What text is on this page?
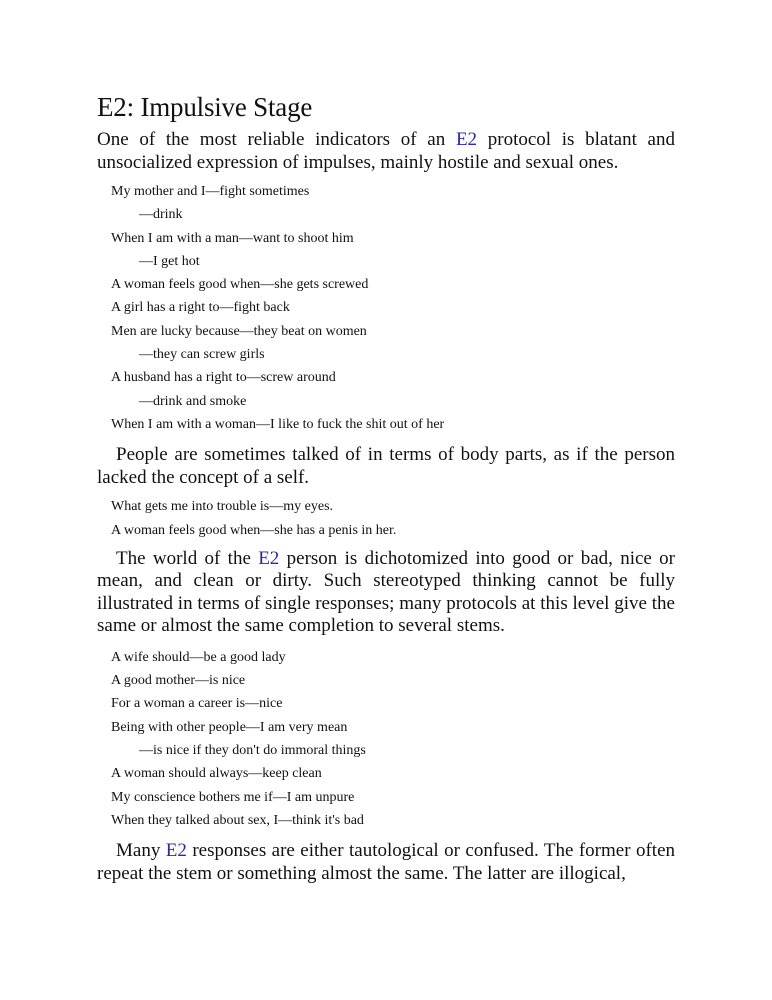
E2: Impulsive Stage

One of the most reliable indicators of an E2 protocol is blatant and unsocialized expression of impulses, mainly hostile and sexual ones.

My mother and I—fight sometimes
—drink
When I am with a man—want to shoot him
—I get hot
A woman feels good when—she gets screwed
A girl has a right to—fight back
Men are lucky because—they beat on women
—they can screw girls
A husband has a right to—screw around
—drink and smoke
When I am with a woman—I like to fuck the shit out of her

People are sometimes talked of in terms of body parts, as if the person lacked the concept of a self.

What gets me into trouble is—my eyes.
A woman feels good when—she has a penis in her.

The world of the E2 person is dichotomized into good or bad, nice or mean, and clean or dirty. Such stereotyped thinking cannot be fully illustrated in terms of single responses; many protocols at this level give the same or almost the same completion to several stems.

A wife should—be a good lady
A good mother—is nice
For a woman a career is—nice
Being with other people—I am very mean
—is nice if they don't do immoral things
A woman should always—keep clean
My conscience bothers me if—I am unpure
When they talked about sex, I—think it's bad

Many E2 responses are either tautological or confused. The former often repeat the stem or something almost the same. The latter are illogical,
